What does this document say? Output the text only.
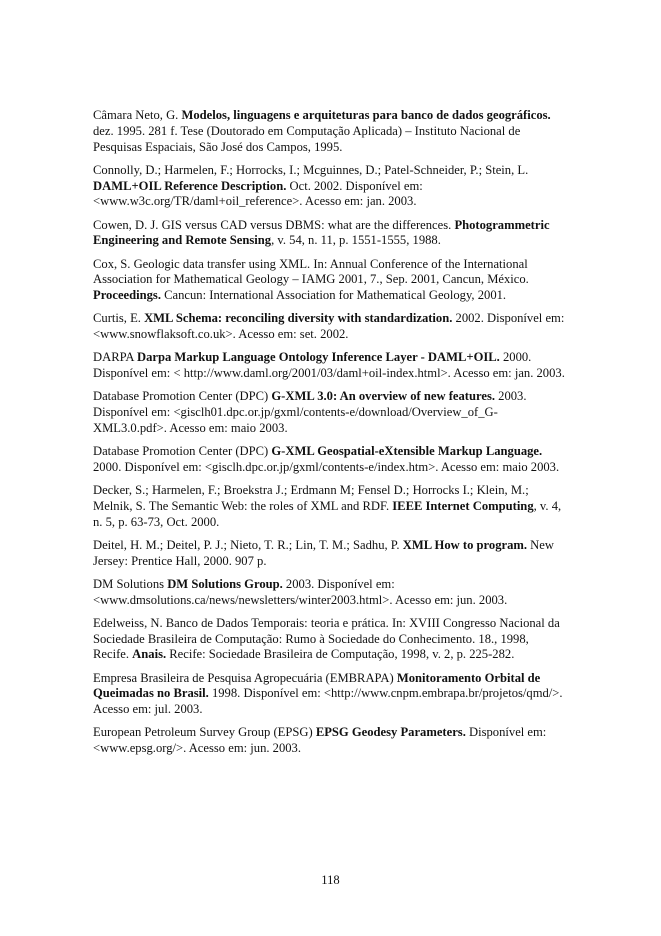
Câmara Neto, G. Modelos, linguagens e arquiteturas para banco de dados geográficos. dez. 1995. 281 f. Tese (Doutorado em Computação Aplicada) – Instituto Nacional de Pesquisas Espaciais, São José dos Campos, 1995.

Connolly, D.; Harmelen, F.; Horrocks, I.; Mcguinnes, D.; Patel-Schneider, P.; Stein, L. DAML+OIL Reference Description. Oct. 2002. Disponível em: <www.w3c.org/TR/daml+oil_reference>. Acesso em: jan. 2003.

Cowen, D. J. GIS versus CAD versus DBMS: what are the differences. Photogrammetric Engineering and Remote Sensing, v. 54, n. 11, p. 1551-1555, 1988.

Cox, S. Geologic data transfer using XML. In: Annual Conference of the International Association for Mathematical Geology – IAMG 2001, 7., Sep. 2001, Cancun, México. Proceedings. Cancun: International Association for Mathematical Geology, 2001.

Curtis, E. XML Schema: reconciling diversity with standardization. 2002. Disponível em: <www.snowflaksoft.co.uk>. Acesso em: set. 2002.

DARPA Darpa Markup Language Ontology Inference Layer - DAML+OIL. 2000. Disponível em: < http://www.daml.org/2001/03/daml+oil-index.html>. Acesso em: jan. 2003.

Database Promotion Center (DPC) G-XML 3.0: An overview of new features. 2003. Disponível em: <gisclh01.dpc.or.jp/gxml/contents-e/download/Overview_of_G-XML3.0.pdf>. Acesso em: maio 2003.

Database Promotion Center (DPC) G-XML Geospatial-eXtensible Markup Language. 2000. Disponível em: <gisclh.dpc.or.jp/gxml/contents-e/index.htm>. Acesso em: maio 2003.

Decker, S.; Harmelen, F.; Broekstra J.; Erdmann M; Fensel D.; Horrocks I.; Klein, M.; Melnik, S. The Semantic Web: the roles of XML and RDF. IEEE Internet Computing, v. 4, n. 5, p. 63-73, Oct. 2000.

Deitel, H. M.; Deitel, P. J.; Nieto, T. R.; Lin, T. M.; Sadhu, P. XML How to program. New Jersey: Prentice Hall, 2000. 907 p.

DM Solutions DM Solutions Group. 2003. Disponível em: <www.dmsolutions.ca/news/newsletters/winter2003.html>. Acesso em: jun. 2003.

Edelweiss, N. Banco de Dados Temporais: teoria e prática. In: XVIII Congresso Nacional da Sociedade Brasileira de Computação: Rumo à Sociedade do Conhecimento. 18., 1998, Recife. Anais. Recife: Sociedade Brasileira de Computação, 1998, v. 2, p. 225-282.

Empresa Brasileira de Pesquisa Agropecuária (EMBRAPA) Monitoramento Orbital de Queimadas no Brasil. 1998. Disponível em: <http://www.cnpm.embrapa.br/projetos/qmd/>. Acesso em: jul. 2003.

European Petroleum Survey Group (EPSG) EPSG Geodesy Parameters. Disponível em: <www.epsg.org/>. Acesso em: jun. 2003.

118
